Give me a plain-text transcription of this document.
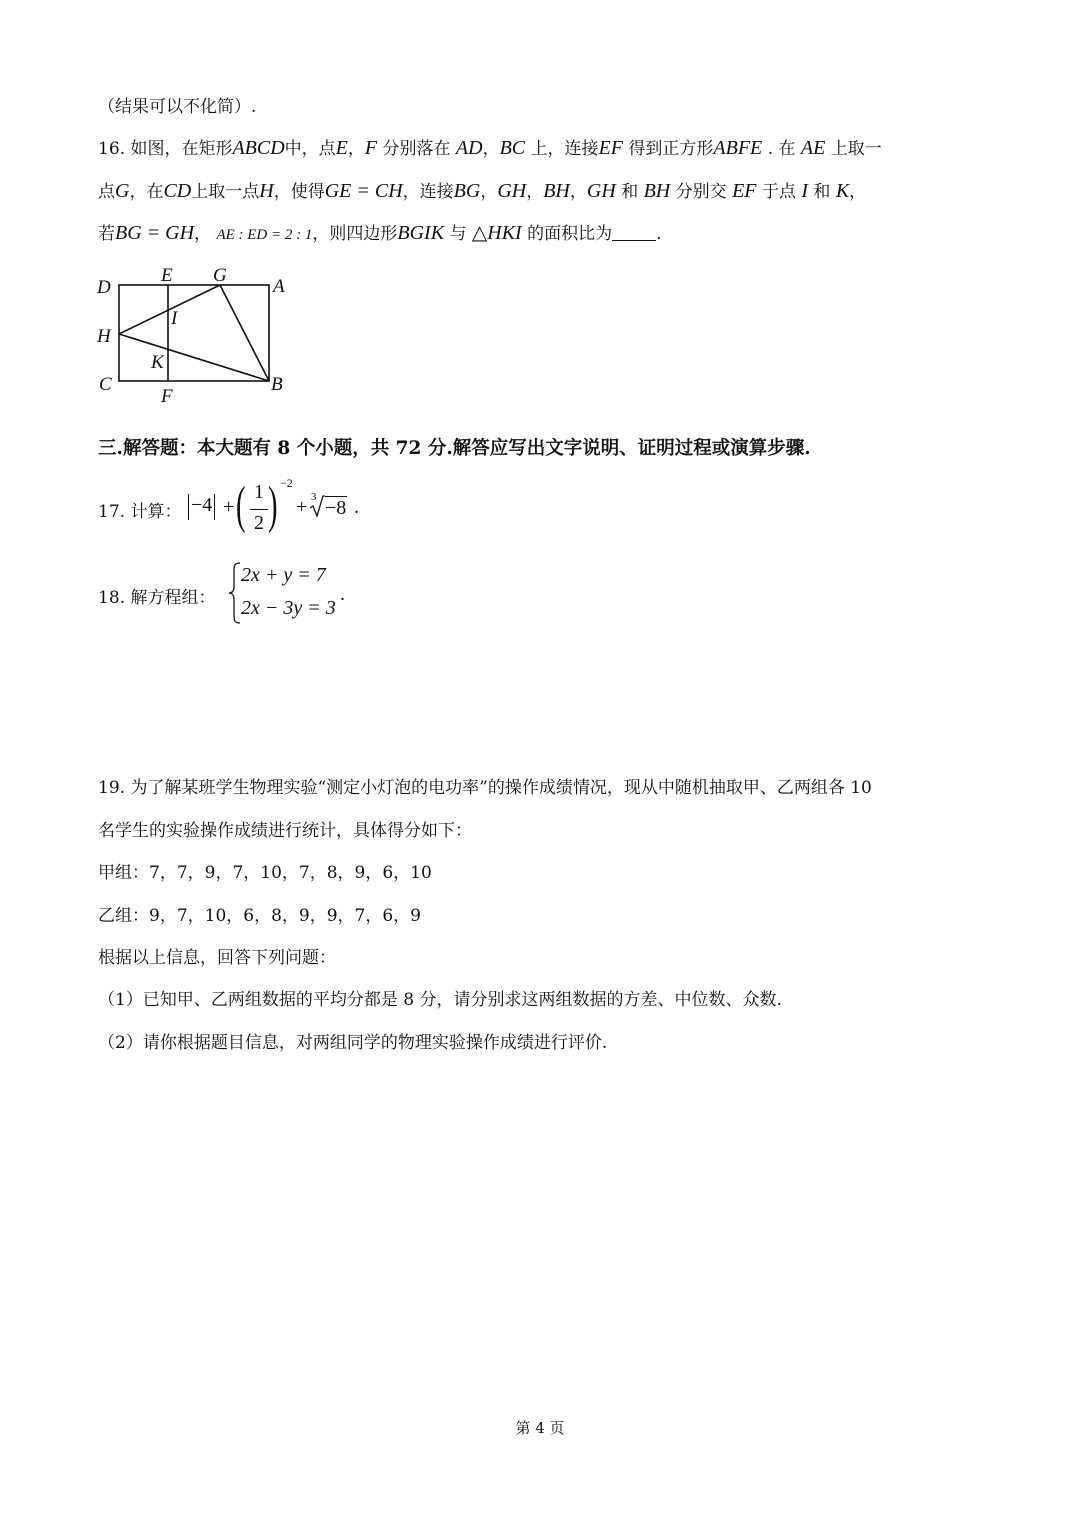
（结果可以不化简）.
16. 如图，在矩形ABCD中，点E，F 分别落在 AD，BC 上，连接EF 得到正方形ABFE . 在 AE 上取一
点G，在CD上取一点H，使得GE = CH，连接BG，GH，BH，GH 和 BH 分别交 EF 于点 I 和 K，
若BG = GH， AE : ED = 2 : 1，则四边形BGIK 与 △HKI 的面积比为	.
D
E G
A
I
H
K
C
F
B
三.解答题：本大题有 8 个小题，共 72 分.解答应写出文字说明、证明过程或演算步骤.
17. 计算： −4 + ( 1
2 ) −2
+ 3 −8 .
18. 解方程组：
2x + y = 7
2x − 3y = 3
.
19. 为了解某班学生物理实验“测定小灯泡的电功率”的操作成绩情况，现从中随机抽取甲、乙两组各 10
名学生的实验操作成绩进行统计，具体得分如下：
甲组：7，7，9，7，10，7，8，9，6，10
乙组：9，7，10，6，8，9，9，7，6，9
根据以上信息，回答下列问题：
（1）已知甲、乙两组数据的平均分都是 8 分，请分别求这两组数据的方差、中位数、众数.
（2）请你根据题目信息，对两组同学的物理实验操作成绩进行评价.
第 4 页
